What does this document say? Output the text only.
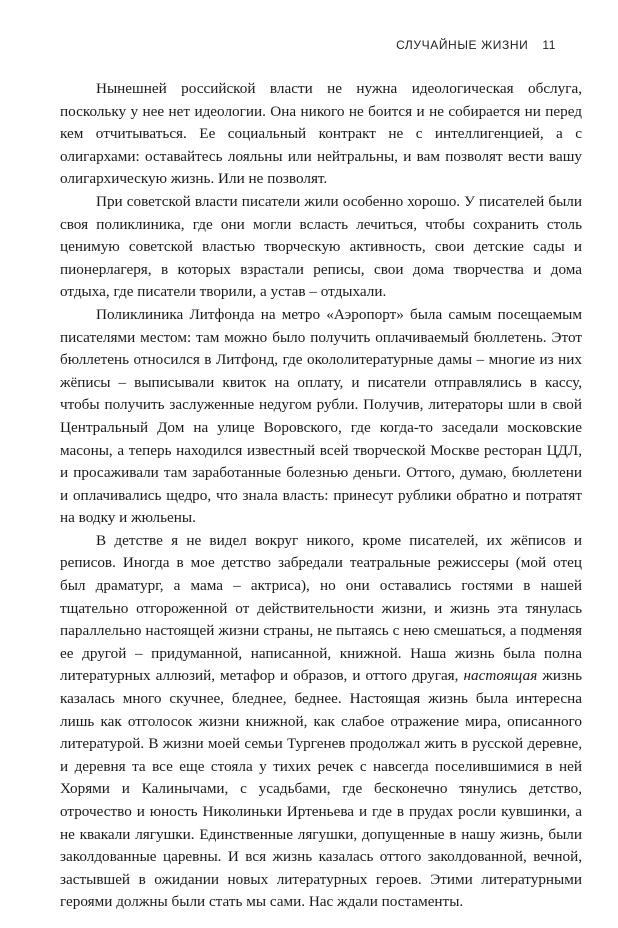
СЛУЧАЙНЫЕ ЖИЗНИ 11

Нынешней российской власти не нужна идеологическая обслуга, поскольку у нее нет идеологии. Она никого не боится и не собирается ни перед кем отчитываться. Ее социальный контракт не с интеллигенцией, а с олигархами: оставайтесь лояльны или нейтральны, и вам позволят вести вашу олигархическую жизнь. Или не позволят.

При советской власти писатели жили особенно хорошо. У писателей были своя поликлиника, где они могли всласть лечиться, чтобы сохранить столь ценимую советской властью творческую активность, свои детские сады и пионерлагеря, в которых взрастали реписы, свои дома творчества и дома отдыха, где писатели творили, а устав – отдыхали.

Поликлиника Литфонда на метро «Аэропорт» была самым посещаемым писателями местом: там можно было получить оплачиваемый бюллетень. Этот бюллетень относился в Литфонд, где окололитературные дамы – многие из них жёписы – выписывали квиток на оплату, и писатели отправлялись в кассу, чтобы получить заслуженные недугом рубли. Получив, литераторы шли в свой Центральный Дом на улице Воровского, где когда-то заседали московские масоны, а теперь находился известный всей творческой Москве ресторан ЦДЛ, и просаживали там заработанные болезнью деньги. Оттого, думаю, бюллетени и оплачивались щедро, что знала власть: принесут рублики обратно и потратят на водку и жюльены.

В детстве я не видел вокруг никого, кроме писателей, их жёписов и реписов. Иногда в мое детство забредали театральные режиссеры (мой отец был драматург, а мама – актриса), но они оставались гостями в нашей тщательно отгороженной от действительности жизни, и жизнь эта тянулась параллельно настоящей жизни страны, не пытаясь с нею смешаться, а подменяя ее другой – придуманной, написанной, книжной. Наша жизнь была полна литературных аллюзий, метафор и образов, и оттого другая, настоящая жизнь казалась много скучнее, бледнее, беднее. Настоящая жизнь была интересна лишь как отголосок жизни книжной, как слабое отражение мира, описанного литературой. В жизни моей семьи Тургенев продолжал жить в русской деревне, и деревня та все еще стояла у тихих речек с навсегда поселившимися в ней Хорями и Калинычами, с усадьбами, где бесконечно тянулись детство, отрочество и юность Николиньки Иртеньева и где в прудах росли кувшинки, а не квакали лягушки. Единственные лягушки, допущенные в нашу жизнь, были заколдованные царевны. И вся жизнь казалась оттого заколдованной, вечной, застывшей в ожидании новых литературных героев. Этими литературными героями должны были стать мы сами. Нас ждали постаменты.
